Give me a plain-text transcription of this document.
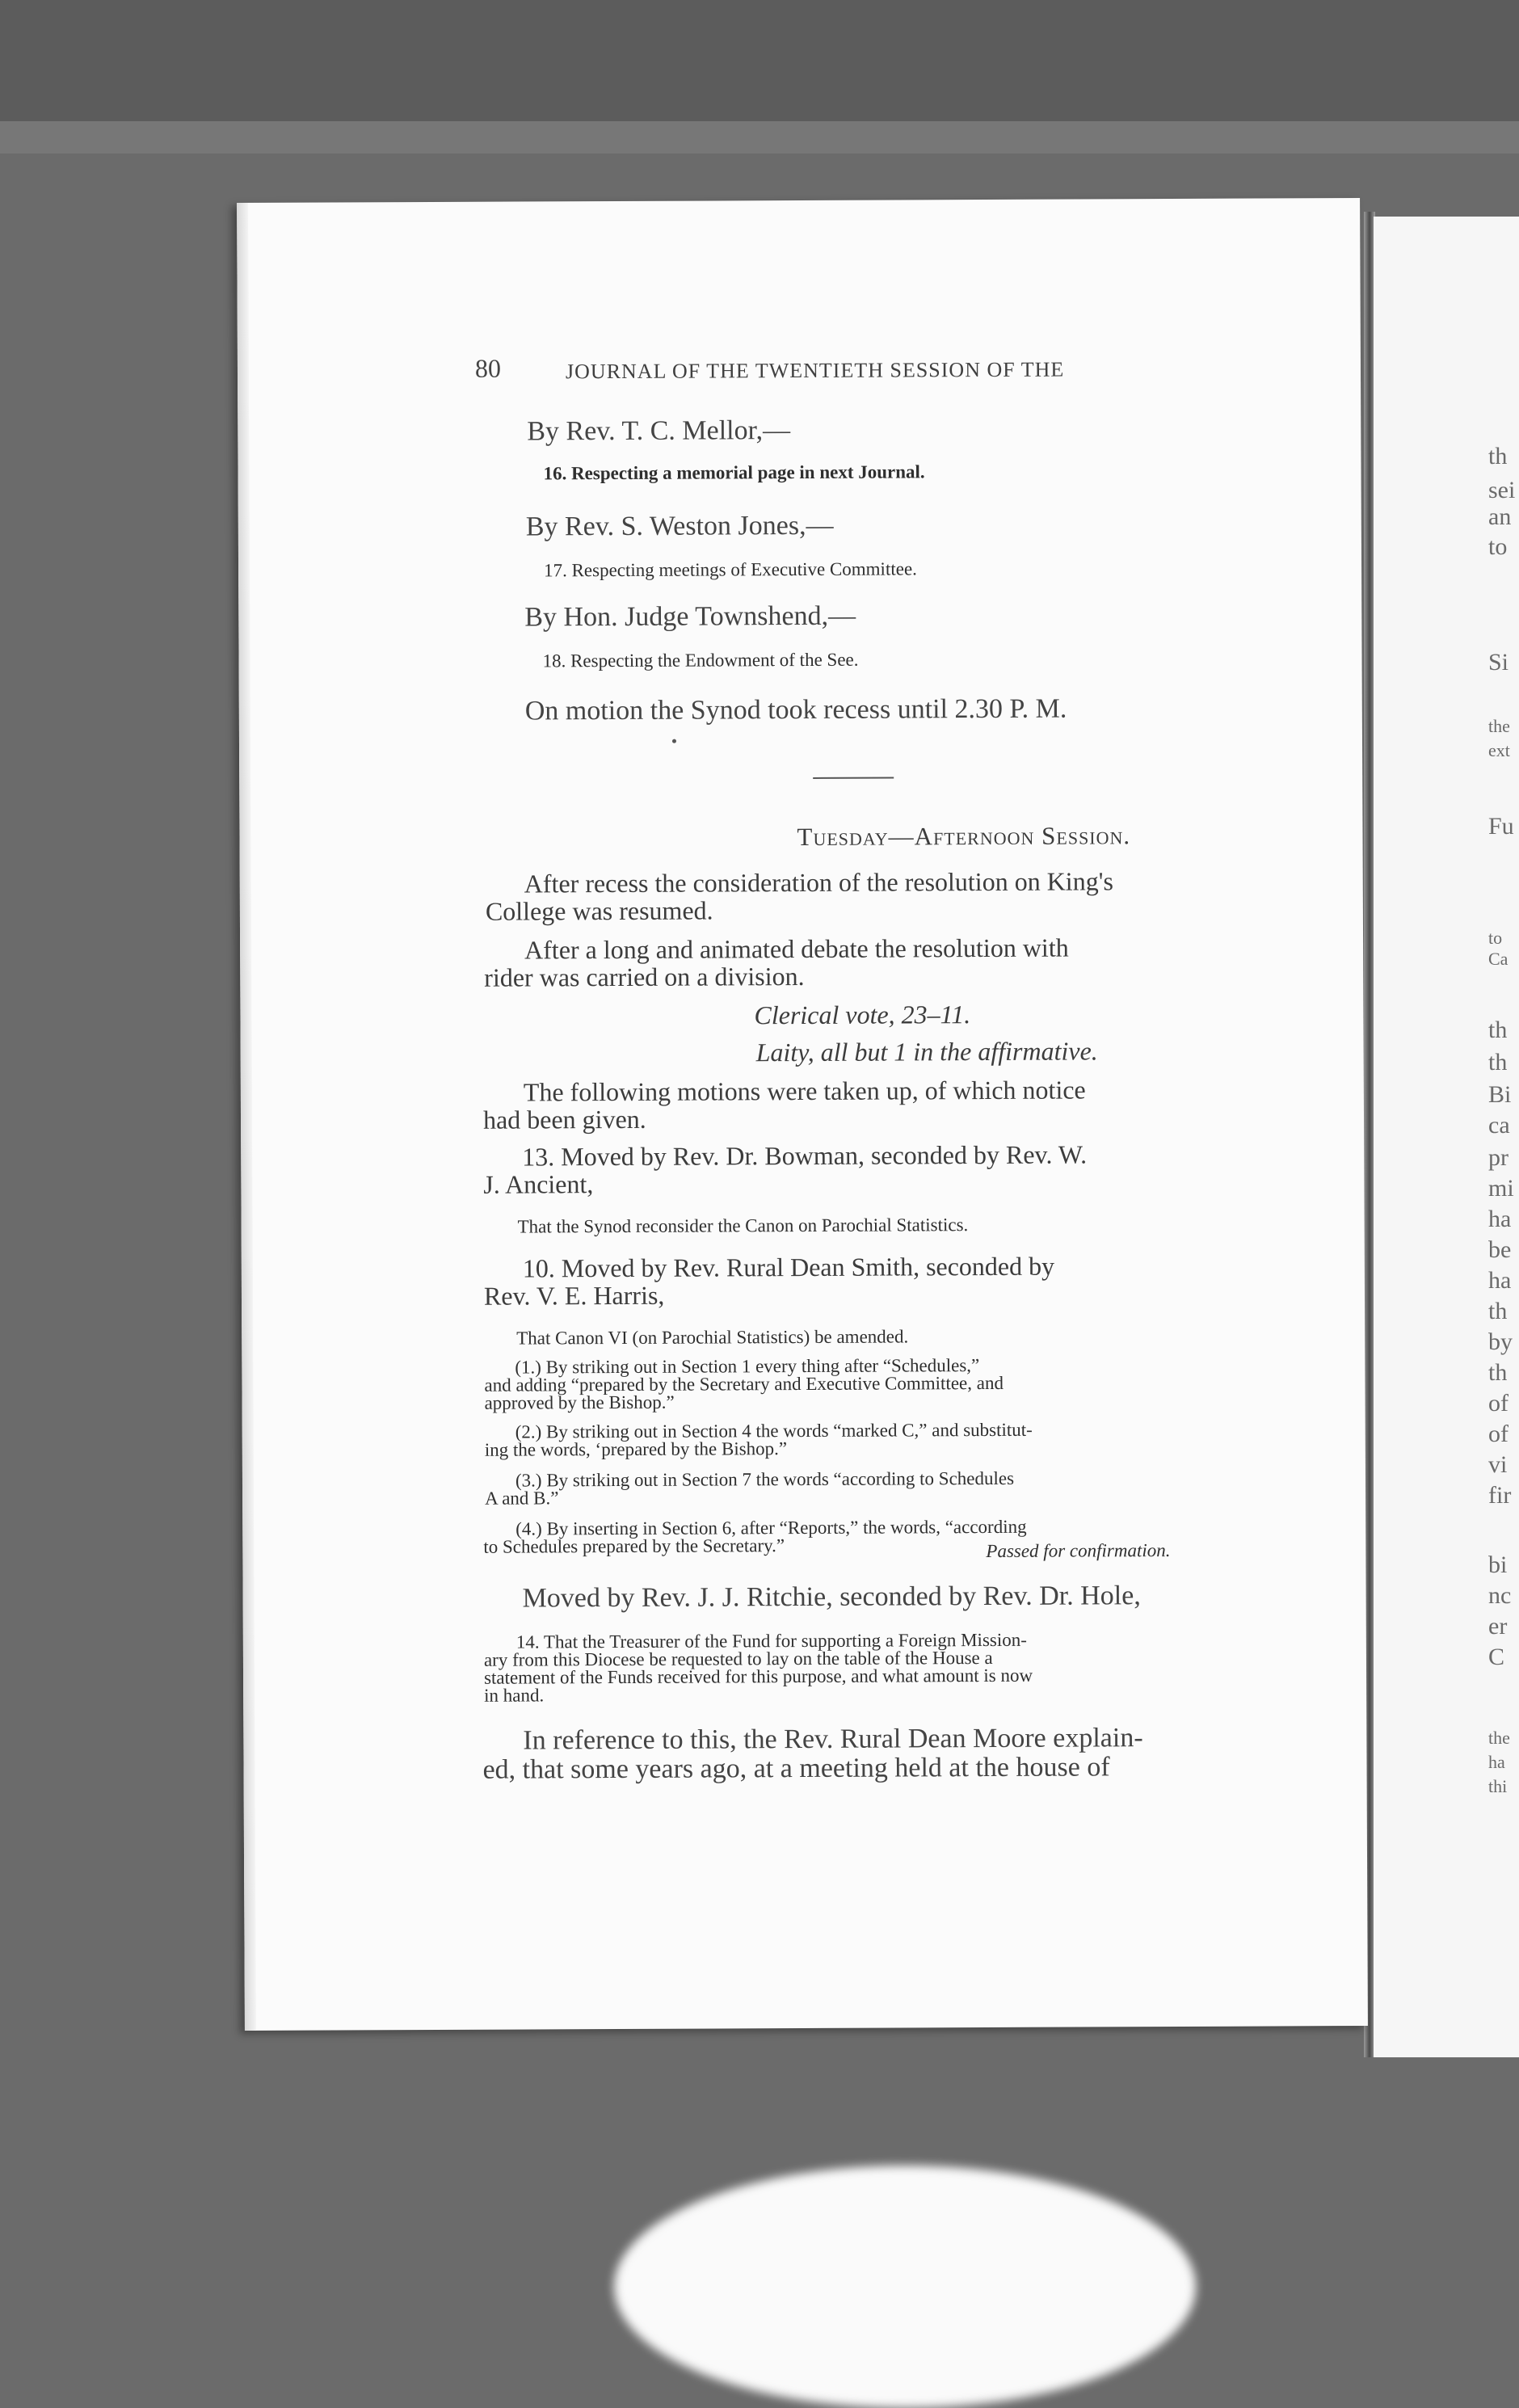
th
sei
an
to
Si
the
ext
Fu
to
Ca
th
th
Bi
ca
pr
mi
ha
be
ha
th
by
th
of
of
vi
fir
bi
nc
er
C
the
ha
thi
80	JOURNAL OF THE TWENTIETH SESSION OF THE
By Rev. T. C. Mellor,—
16. Respecting a memorial page in next Journal.
By Rev. S. Weston Jones,—
17. Respecting meetings of Executive Committee.
By Hon. Judge Townshend,—
18. Respecting the Endowment of the See.
On motion the Synod took recess until 2.30 P. M.
Tuesday—Afternoon Session.
After recess the consideration of the resolution on King's
College was resumed.
After a long and animated debate the resolution with
rider was carried on a division.
Clerical vote, 23–11.
Laity, all but 1 in the affirmative.
The following motions were taken up, of which notice
had been given.
13. Moved by Rev. Dr. Bowman, seconded by Rev. W.
J. Ancient,
That the Synod reconsider the Canon on Parochial Statistics.
10. Moved by Rev. Rural Dean Smith, seconded by
Rev. V. E. Harris,
That Canon VI (on Parochial Statistics) be amended.
(1.) By striking out in Section 1 every thing after “Schedules,”
and adding “prepared by the Secretary and Executive Committee, and
approved by the Bishop.”
(2.) By striking out in Section 4 the words “marked C,” and substitut-
ing the words, ‘prepared by the Bishop.”
(3.) By striking out in Section 7 the words “according to Schedules
A and B.”
(4.) By inserting in Section 6, after “Reports,” the words, “according
to Schedules prepared by the Secretary.”	Passed for confirmation.
Moved by Rev. J. J. Ritchie, seconded by Rev. Dr. Hole,
14. That the Treasurer of the Fund for supporting a Foreign Mission-
ary from this Diocese be requested to lay on the table of the House a
statement of the Funds received for this purpose, and what amount is now
in hand.
In reference to this, the Rev. Rural Dean Moore explain-
ed, that some years ago, at a meeting held at the house of
